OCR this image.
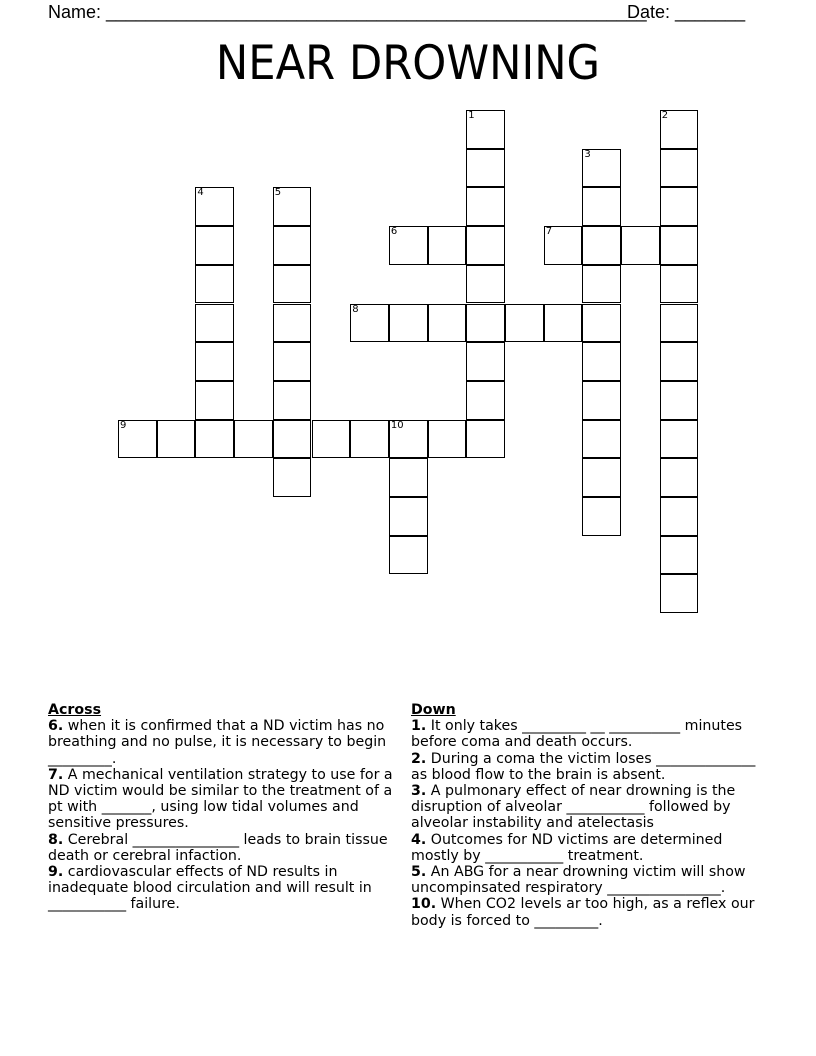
Name: ______________________________________________________
Date: _______
NEAR DROWNING
1	2
3
4	5
6	7
8
9	10
Across
6. when it is confirmed that a ND victim has no breathing and no pulse, it is necessary to begin _________.
7. A mechanical ventilation strategy to use for a ND victim would be similar to the treatment of a pt with _______, using low tidal volumes and sensitive pressures.
8. Cerebral _______________ leads to brain tissue death or cerebral infaction.
9. cardiovascular effects of ND results in inadequate blood circulation and will result in ___________ failure.
Down
1. It only takes _________ __ __________ minutes before coma and death occurs.
2. During a coma the victim loses ______________ as blood flow to the brain is absent.
3. A pulmonary effect of near drowning is the disruption of alveolar ___________ followed by alveolar instability and atelectasis
4. Outcomes for ND victims are determined mostly by ___________ treatment.
5. An ABG for a near drowning victim will show uncompinsated respiratory ________________.
10. When CO2 levels ar too high, as a reflex our body is forced to _________.
